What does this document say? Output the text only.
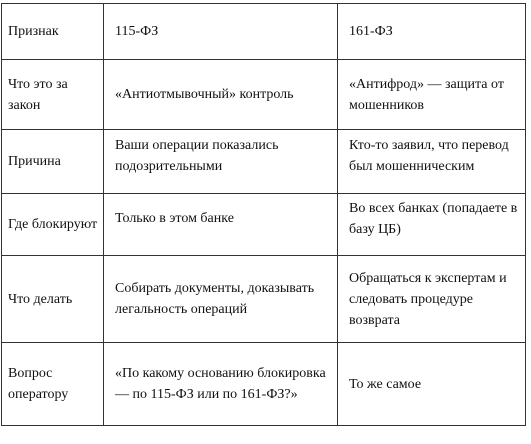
Признак	115-ФЗ	161-ФЗ

Что это за закон	«Антиотмывочный» контроль	«Антифрод» — защита от мошенников

Причина	Ваши операции показались подозрительными	Кто-то заявил, что перевод был мошенническим

Где блокируют	Только в этом банке	Во всех банках (попадаете в базу ЦБ)

Что делать	Собирать документы, доказывать легальность операций	Обращаться к экспертам и следовать процедуре возврата

Вопрос оператору	«По какому основанию блокировка — по 115-ФЗ или по 161-ФЗ?»	То же самое
